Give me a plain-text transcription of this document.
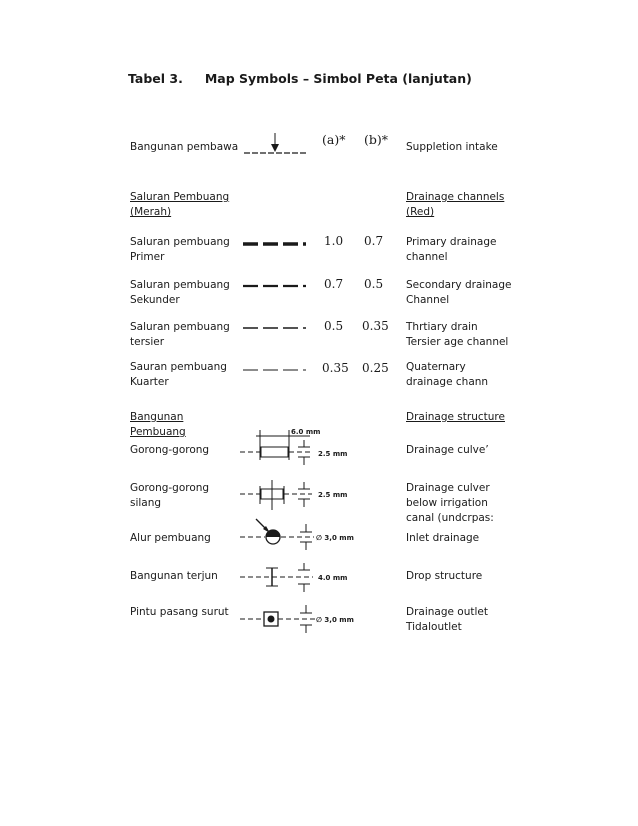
Tabel 3. Map Symbols – Simbol Peta (lanjutan)
(a)* (b)*
Bangunan pembawa
Saluran Pembuang
(Merah)
Saluran pembuang
Primer
Saluran pembuang
Sekunder
Saluran pembuang
tersier
Sauran pembuang
Kuarter
Bangunan Pembuang
Gorong-gorong
Gorong-gorong
silang
Alur pembuang
Bangunan terjun
Pintu pasang surut
Suppletion intake
Drainage channels
(Red)
Primary drainage
channel
Secondary drainage
Channel
Thrtiary drain
Tersier age channel
Quaternary
drainage chann
Drainage structure
Drainage culve’
Drainage culver
below irrigation
canal (undcrpas:
Inlet drainage
Drop structure
Drainage outlet
Tidaloutlet
1.0 0.7
0.7 0.5
0.5 0.35
0.35 0.25
6.0 mm
2.5 mm
2.5 mm
∅ 3,0 mm
4.0 mm
∅ 3,0 mm
